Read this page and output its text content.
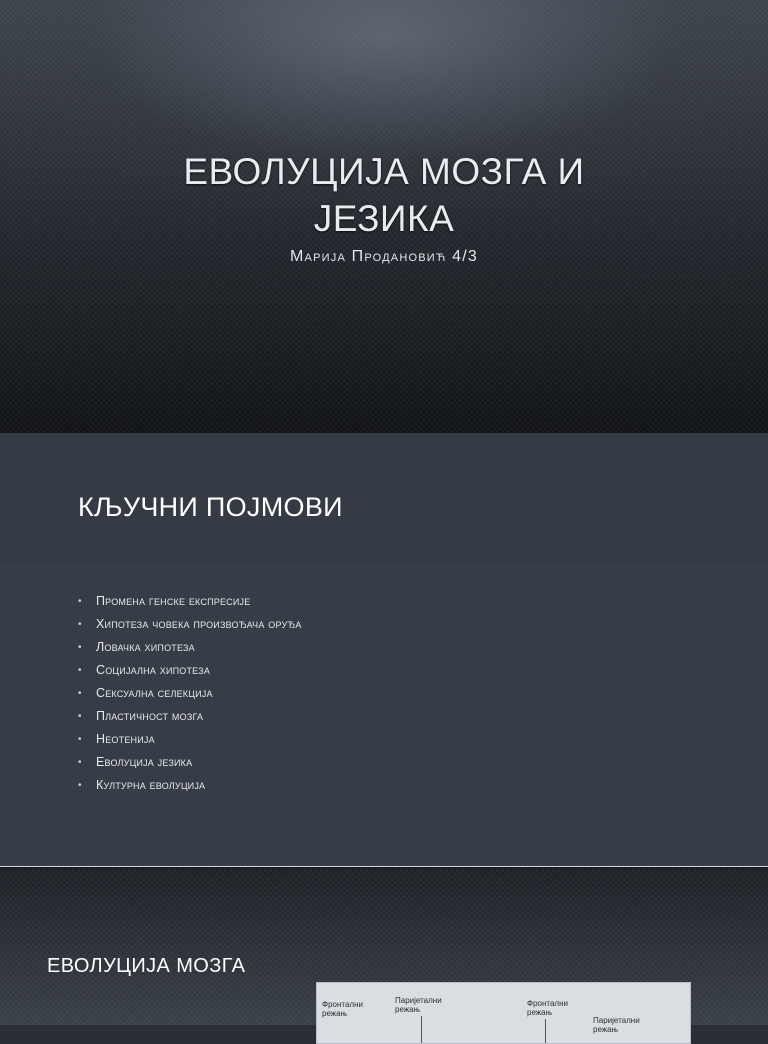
ЕВОЛУЦИЈА МОЗГА И
ЈЕЗИКА
Марија Продановић 4/3
КЉУЧНИ ПОЈМОВИ
• Промена генске експресије
• Хипотеза човека произвођача оруђа
• Ловачка хипотеза
• Социјална хипотеза
• Сексуална селекција
• Пластичност мозга
• Неотенија
• Еволуција језика
• Културна еволуција
ЕВОЛУЦИЈА МОЗГА
Фронтални режањ
Паријетални режањ
Фронтални режањ
Паријетални режањ
